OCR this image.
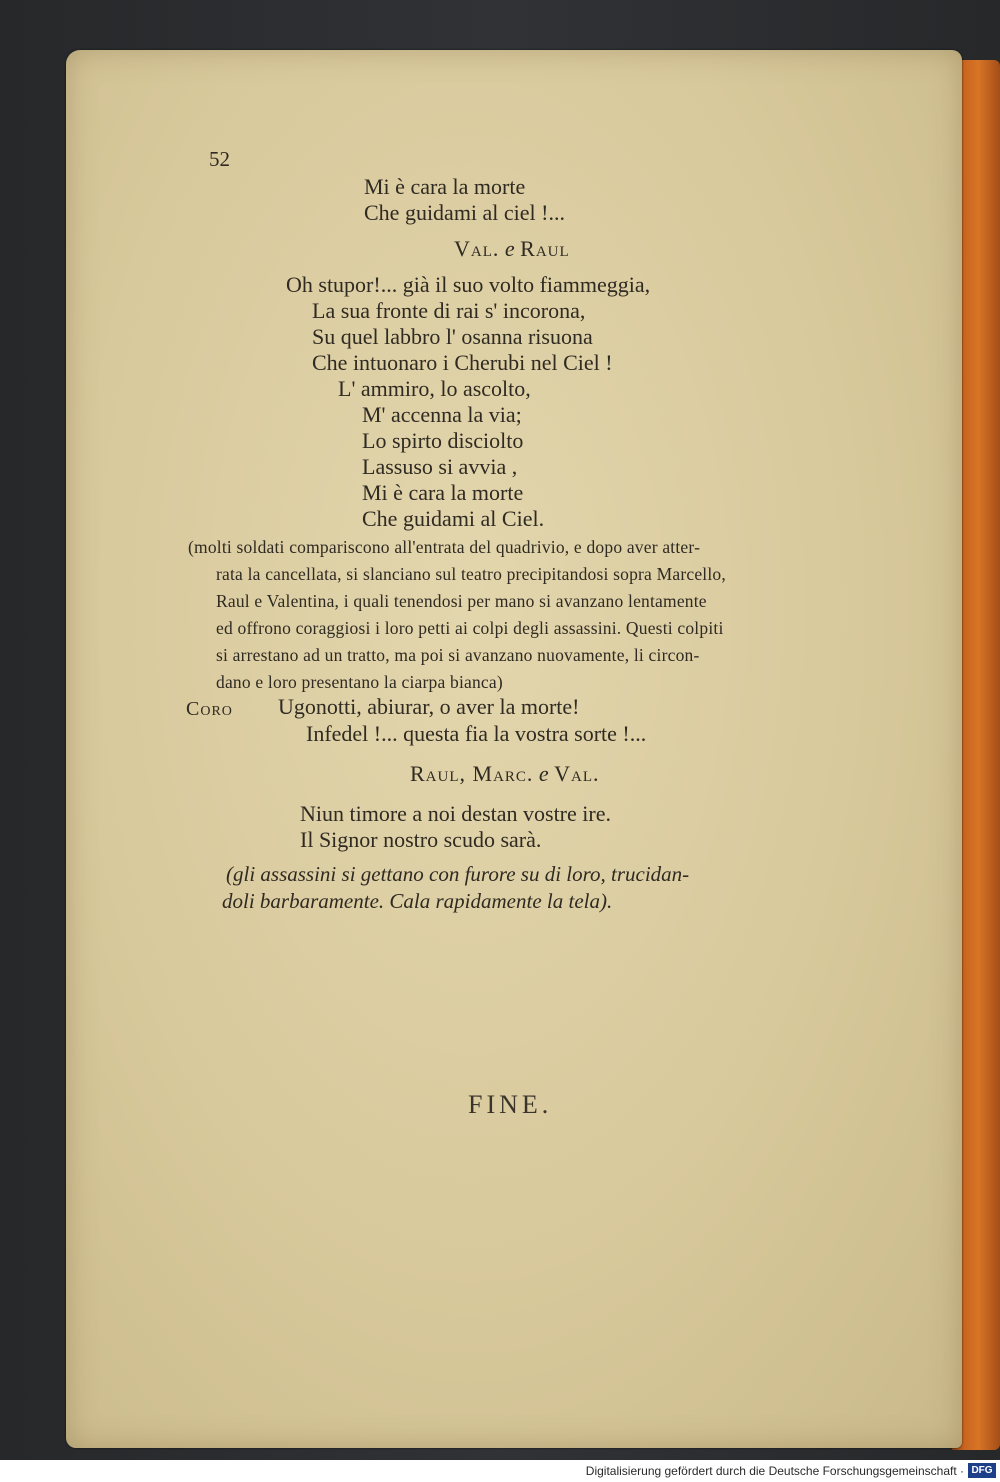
52
Mi è cara la morte
Che guidami al ciel !...
Val. e Raul
Oh stupor!... già il suo volto fiammeggia,
La sua fronte di rai s' incorona,
Su quel labbro l' osanna risuona
Che intuonaro i Cherubi nel Ciel !
L' ammiro, lo ascolto,
M' accenna la via;
Lo spirto disciolto
Lassuso si avvia ,
Mi è cara la morte
Che guidami al Ciel.
(molti soldati compariscono all'entrata del quadrivio, e dopo aver atter-
rata la cancellata, si slanciano sul teatro precipitandosi sopra Marcello,
Raul e Valentina, i quali tenendosi per mano si avanzano lentamente
ed offrono coraggiosi i loro petti ai colpi degli assassini. Questi colpiti
si arrestano ad un tratto, ma poi si avanzano nuovamente, li circon-
dano e loro presentano la ciarpa bianca)
Coro Ugonotti, abiurar, o aver la morte!
Infedel !... questa fia la vostra sorte !...
Raul, Marc. e Val.
Niun timore a noi destan vostre ire.
Il Signor nostro scudo sarà.
(gli assassini si gettano con furore su di loro, trucidan-
doli barbaramente. Cala rapidamente la tela).
FINE.
Digitalisierung gefördert durch die Deutsche Forschungsgemeinschaft · DFG
